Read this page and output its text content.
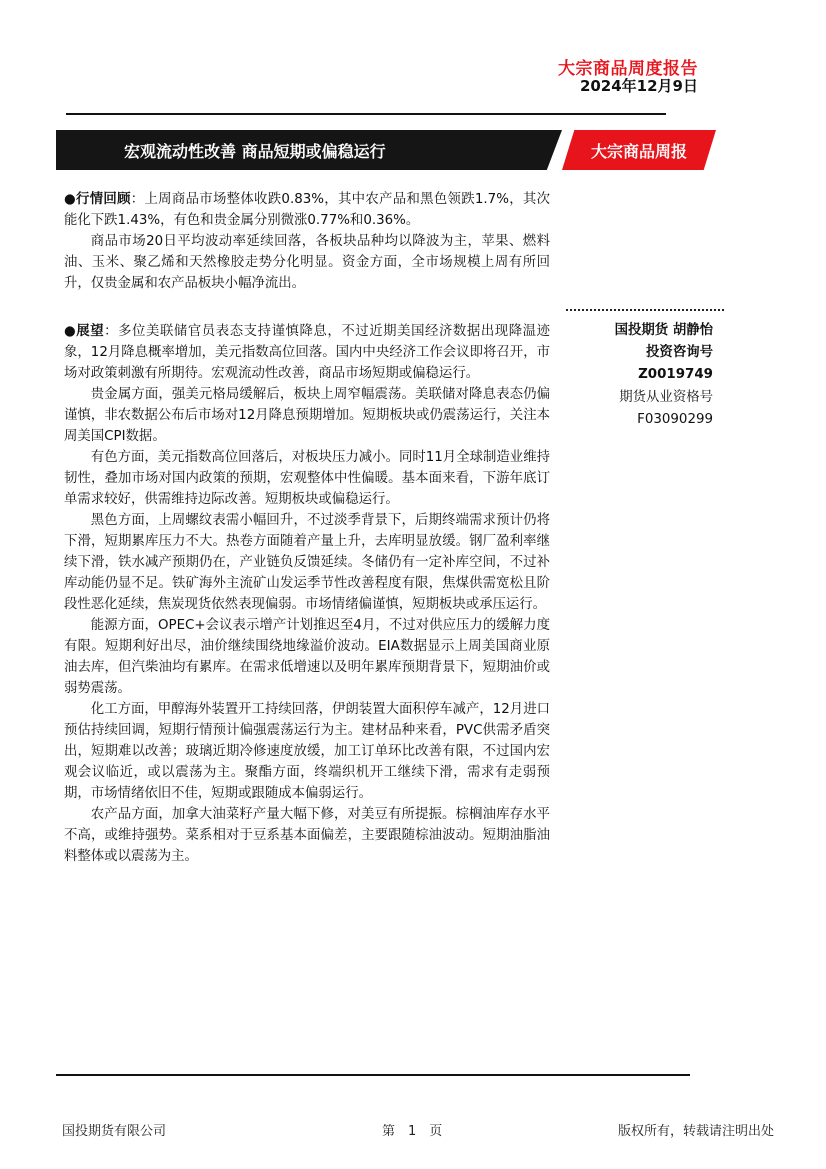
大宗商品周度报告
2024年12月9日
宏观流动性改善 商品短期或偏稳运行	大宗商品周报

●行情回顾：上周商品市场整体收跌0.83%，其中农产品和黑色领跌1.7%，其次能化下跌1.43%，有色和贵金属分别微涨0.77%和0.36%。

商品市场20日平均波动率延续回落，各板块品种均以降波为主，苹果、燃料油、玉米、聚乙烯和天然橡胶走势分化明显。资金方面，全市场规模上周有所回升，仅贵金属和农产品板块小幅净流出。

●展望：多位美联储官员表态支持谨慎降息，不过近期美国经济数据出现降温迹象，12月降息概率增加，美元指数高位回落。国内中央经济工作会议即将召开，市场对政策刺激有所期待。宏观流动性改善，商品市场短期或偏稳运行。

贵金属方面，强美元格局缓解后，板块上周窄幅震荡。美联储对降息表态仍偏谨慎，非农数据公布后市场对12月降息预期增加。短期板块或仍震荡运行，关注本周美国CPI数据。

有色方面，美元指数高位回落后，对板块压力减小。同时11月全球制造业维持韧性，叠加市场对国内政策的预期，宏观整体中性偏暖。基本面来看，下游年底订单需求较好，供需维持边际改善。短期板块或偏稳运行。

黑色方面，上周螺纹表需小幅回升，不过淡季背景下，后期终端需求预计仍将下滑，短期累库压力不大。热卷方面随着产量上升，去库明显放缓。钢厂盈利率继续下滑，铁水减产预期仍在，产业链负反馈延续。冬储仍有一定补库空间，不过补库动能仍显不足。铁矿海外主流矿山发运季节性改善程度有限，焦煤供需宽松且阶段性恶化延续，焦炭现货依然表现偏弱。市场情绪偏谨慎，短期板块或承压运行。

能源方面，OPEC+会议表示增产计划推迟至4月，不过对供应压力的缓解力度有限。短期利好出尽，油价继续围绕地缘溢价波动。EIA数据显示上周美国商业原油去库，但汽柴油均有累库。在需求低增速以及明年累库预期背景下，短期油价或弱势震荡。

化工方面，甲醇海外装置开工持续回落，伊朗装置大面积停车减产，12月进口预估持续回调，短期行情预计偏强震荡运行为主。建材品种来看，PVC供需矛盾突出，短期难以改善；玻璃近期冷修速度放缓，加工订单环比改善有限，不过国内宏观会议临近，或以震荡为主。聚酯方面，终端织机开工继续下滑，需求有走弱预期，市场情绪依旧不佳，短期或跟随成本偏弱运行。

农产品方面，加拿大油菜籽产量大幅下修，对美豆有所提振。棕榈油库存水平不高，或维持强势。菜系相对于豆系基本面偏差，主要跟随棕油波动。短期油脂油料整体或以震荡为主。

国投期货 胡静怡
投资咨询号
Z0019749
期货从业资格号
F03090299
国投期货有限公司	第　1　页	版权所有，转载请注明出处
